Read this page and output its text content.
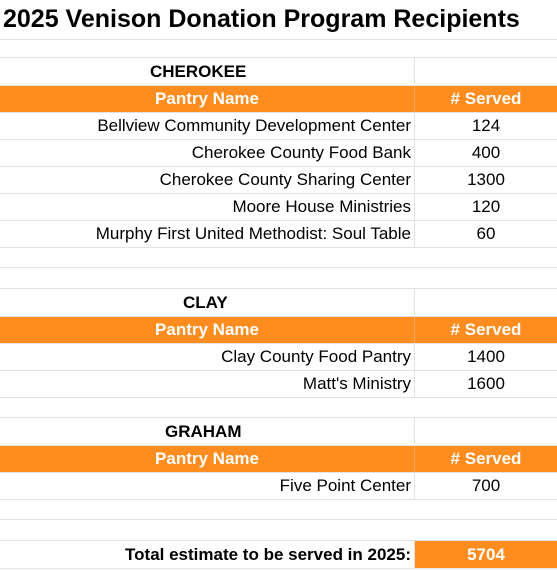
2025 Venison Donation Program Recipients
CHEROKEE
Pantry Name	# Served
Bellview Community Development Center	124
Cherokee County Food Bank	400
Cherokee County Sharing Center	1300
Moore House Ministries	120
Murphy First United Methodist: Soul Table	60
CLAY
Pantry Name	# Served
Clay County Food Pantry	1400
Matt's Ministry	1600
GRAHAM
Pantry Name	# Served
Five Point Center	700
Total estimate to be served in 2025:	5704
